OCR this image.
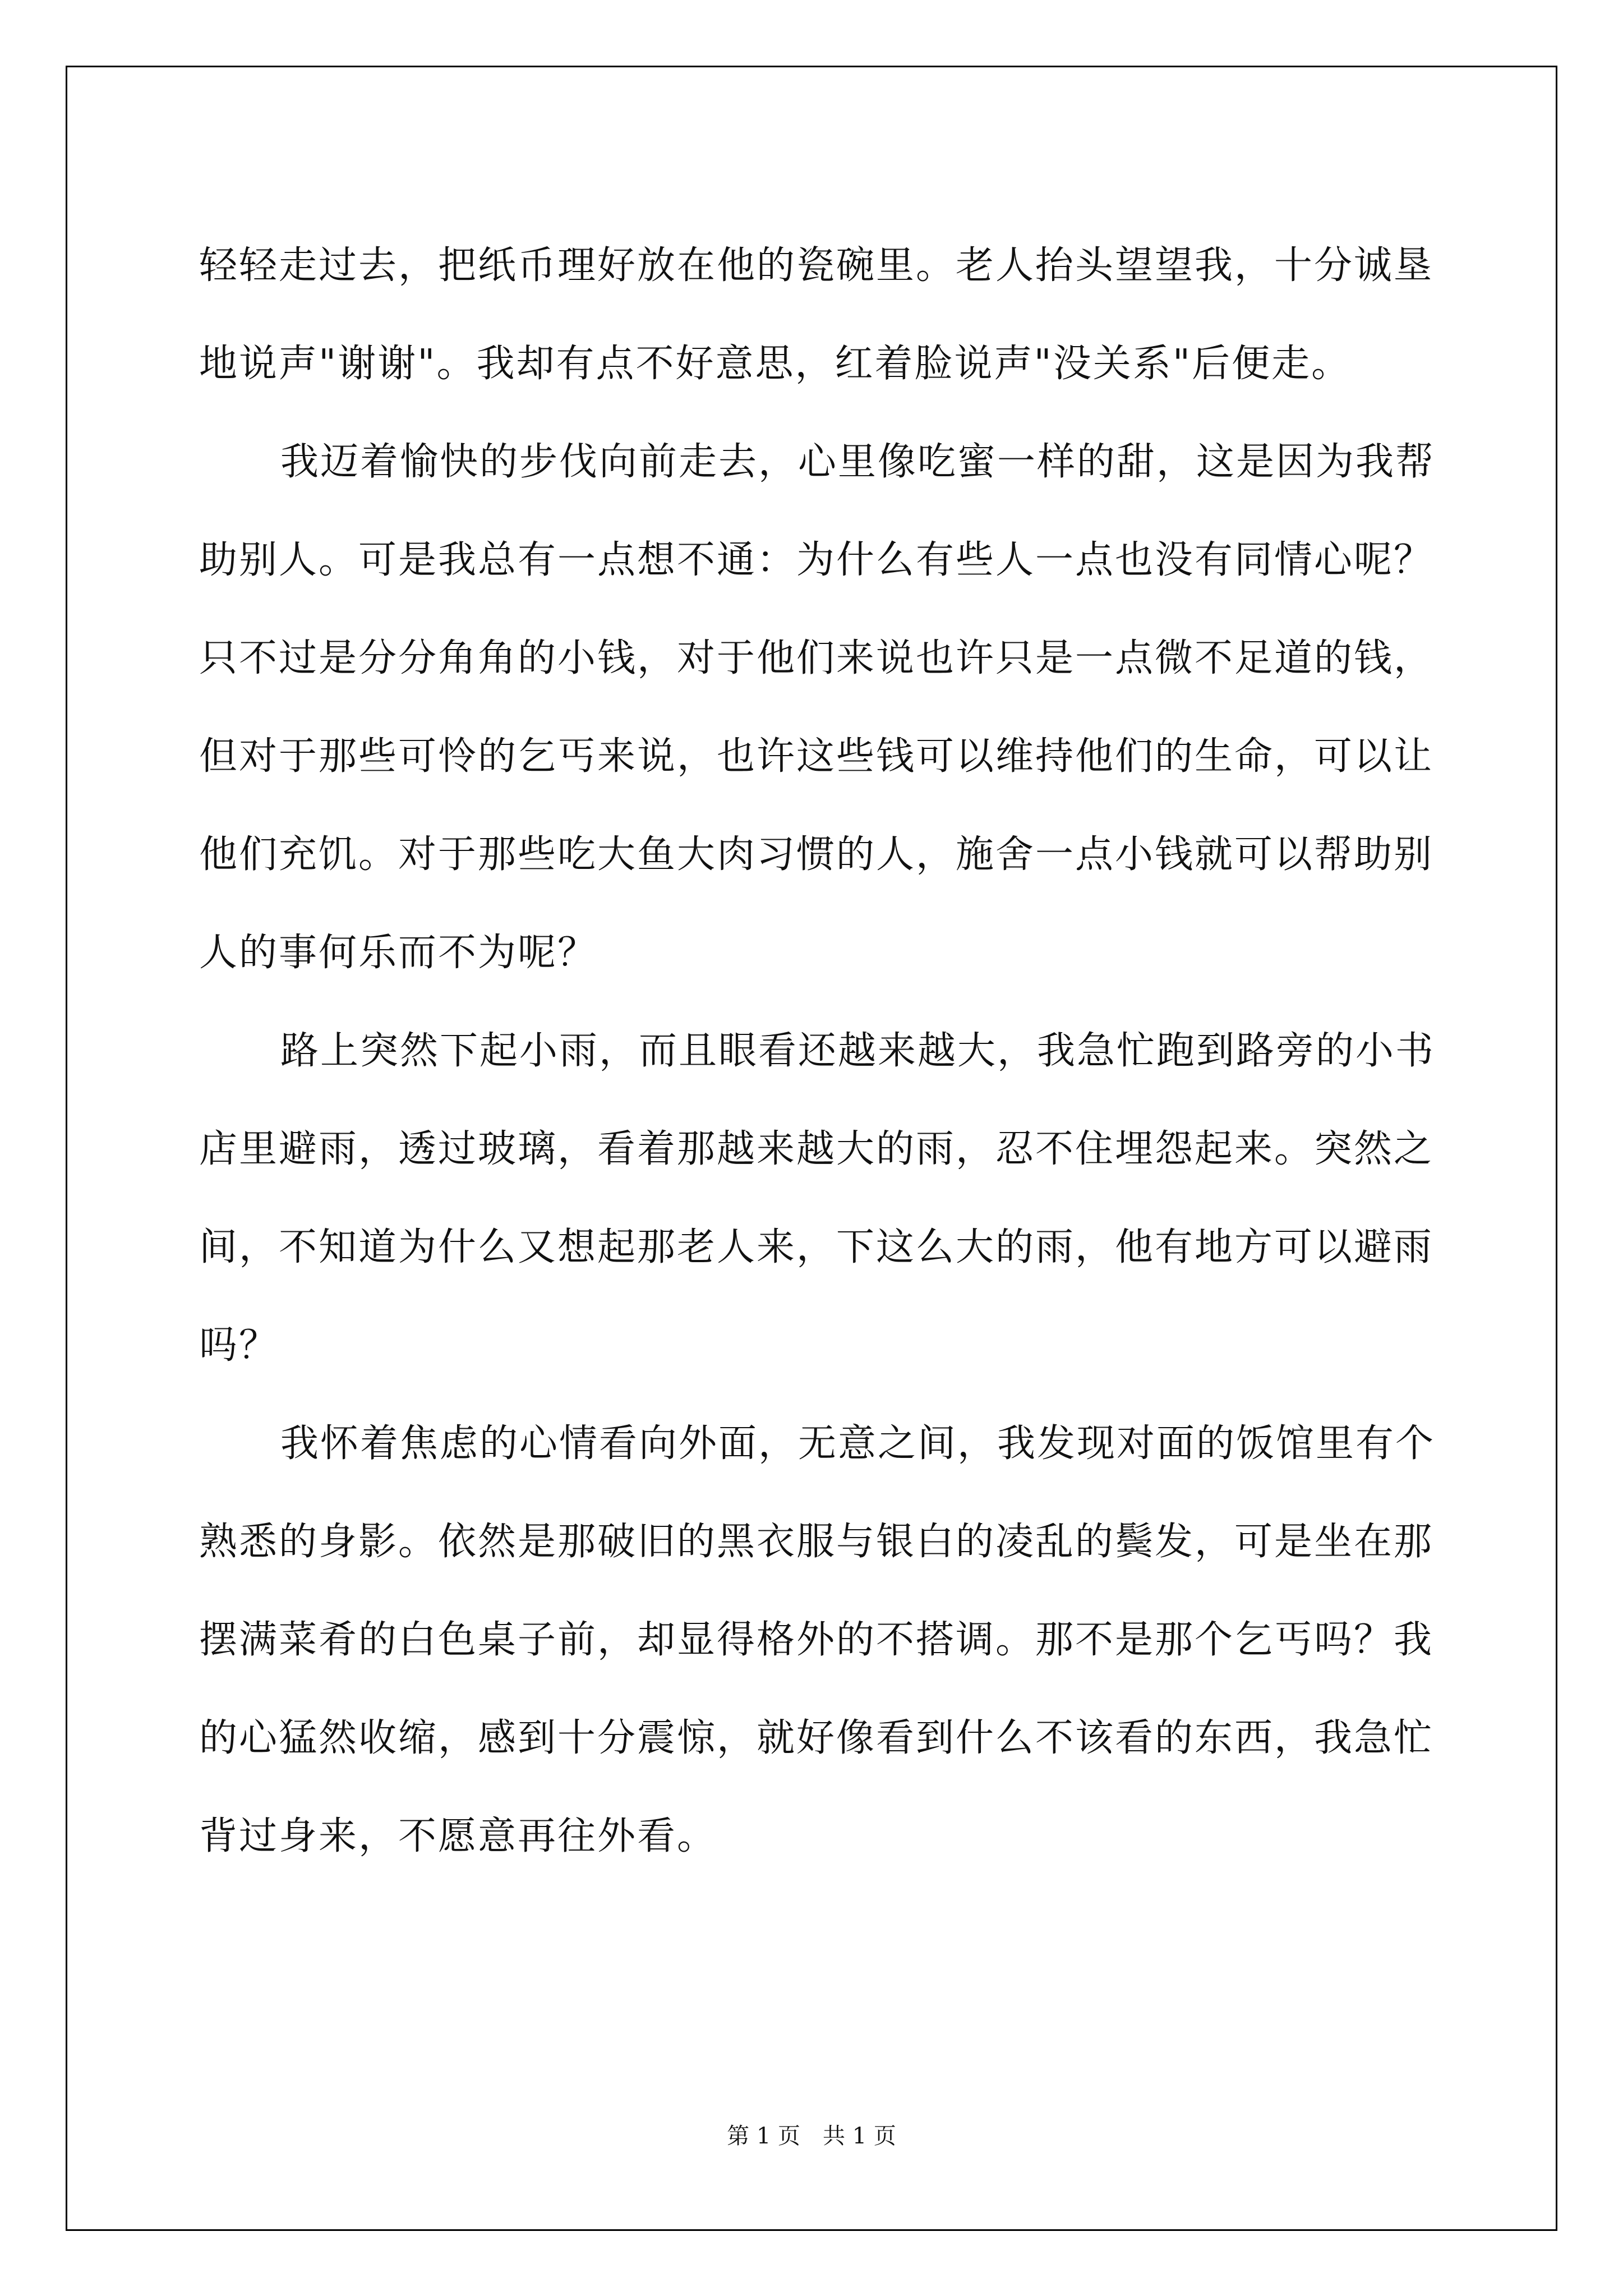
轻轻走过去，把纸币理好放在他的瓷碗里。老人抬头望望我，十分诚垦地说声"谢谢"。我却有点不好意思，红着脸说声"没关系"后便走。

我迈着愉快的步伐向前走去，心里像吃蜜一样的甜，这是因为我帮助别人。可是我总有一点想不通：为什么有些人一点也没有同情心呢？只不过是分分角角的小钱，对于他们来说也许只是一点微不足道的钱，但对于那些可怜的乞丐来说，也许这些钱可以维持他们的生命，可以让他们充饥。对于那些吃大鱼大肉习惯的人，施舍一点小钱就可以帮助别人的事何乐而不为呢？

路上突然下起小雨，而且眼看还越来越大，我急忙跑到路旁的小书店里避雨，透过玻璃，看着那越来越大的雨，忍不住埋怨起来。突然之间，不知道为什么又想起那老人来，下这么大的雨，他有地方可以避雨吗？

我怀着焦虑的心情看向外面，无意之间，我发现对面的饭馆里有个熟悉的身影。依然是那破旧的黑衣服与银白的凌乱的鬓发，可是坐在那摆满菜肴的白色桌子前，却显得格外的不搭调。那不是那个乞丐吗？我的心猛然收缩，感到十分震惊，就好像看到什么不该看的东西，我急忙背过身来，不愿意再往外看。

第 1 页　共 1 页
